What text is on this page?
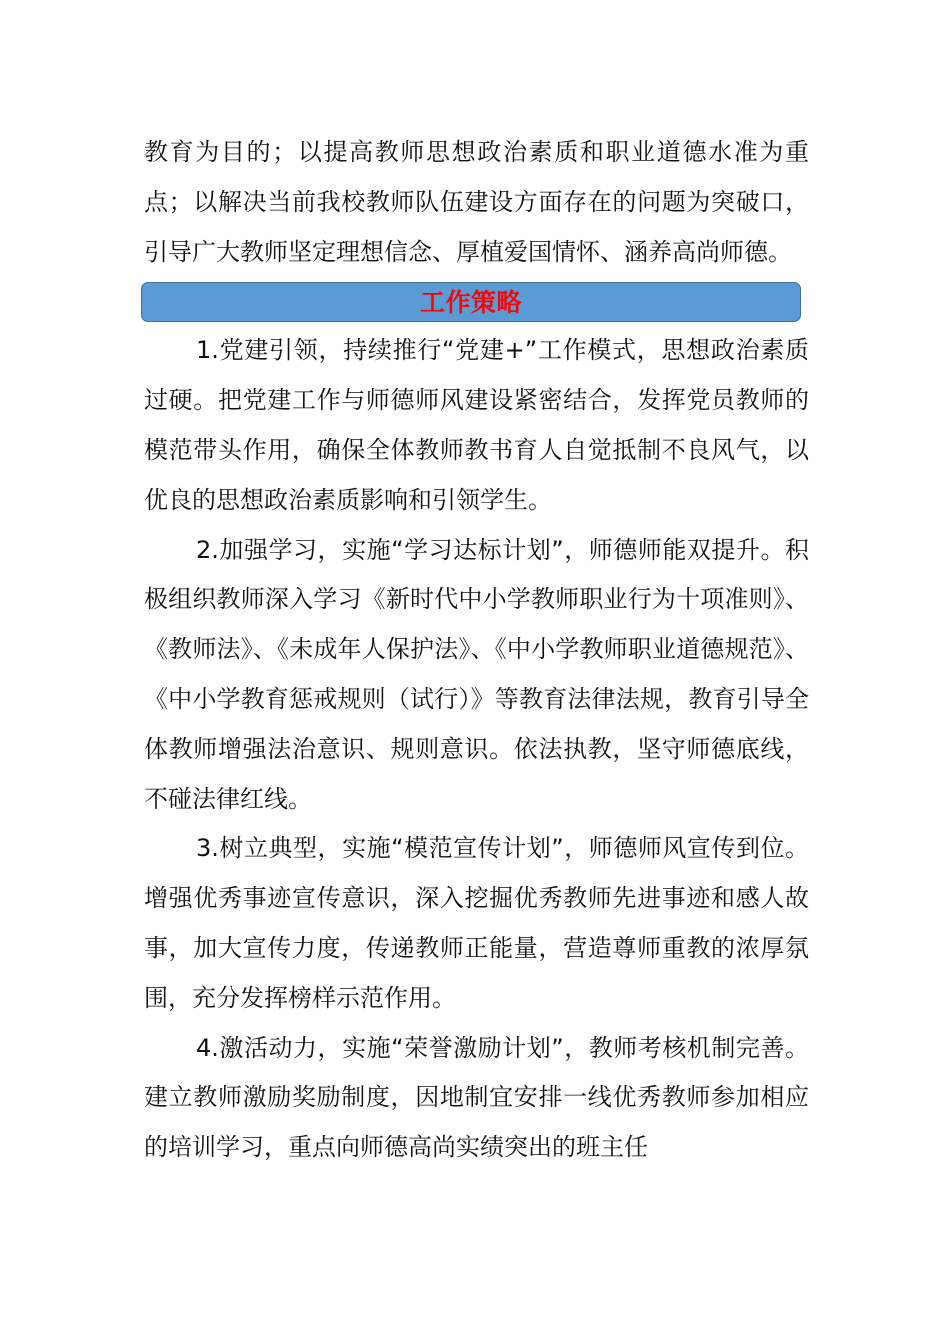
教育为目的；以提高教师思想政治素质和职业道德水准为重点；以解决当前我校教师队伍建设方面存在的问题为突破口，引导广大教师坚定理想信念、厚植爱国情怀、涵养高尚师德。

工作策略

1.党建引领，持续推行“党建+”工作模式，思想政治素质过硬。把党建工作与师德师风建设紧密结合，发挥党员教师的模范带头作用，确保全体教师教书育人自觉抵制不良风气，以优良的思想政治素质影响和引领学生。

2.加强学习，实施“学习达标计划”，师德师能双提升。积极组织教师深入学习《新时代中小学教师职业行为十项准则》、《教师法》、《未成年人保护法》、《中小学教师职业道德规范》、《中小学教育惩戒规则（试行）》等教育法律法规，教育引导全体教师增强法治意识、规则意识。依法执教，坚守师德底线，不碰法律红线。

3.树立典型，实施“模范宣传计划”，师德师风宣传到位。增强优秀事迹宣传意识，深入挖掘优秀教师先进事迹和感人故事，加大宣传力度，传递教师正能量，营造尊师重教的浓厚氛围，充分发挥榜样示范作用。

4.激活动力，实施“荣誉激励计划”，教师考核机制完善。建立教师激励奖励制度，因地制宜安排一线优秀教师参加相应的培训学习，重点向师德高尚实绩突出的班主任
